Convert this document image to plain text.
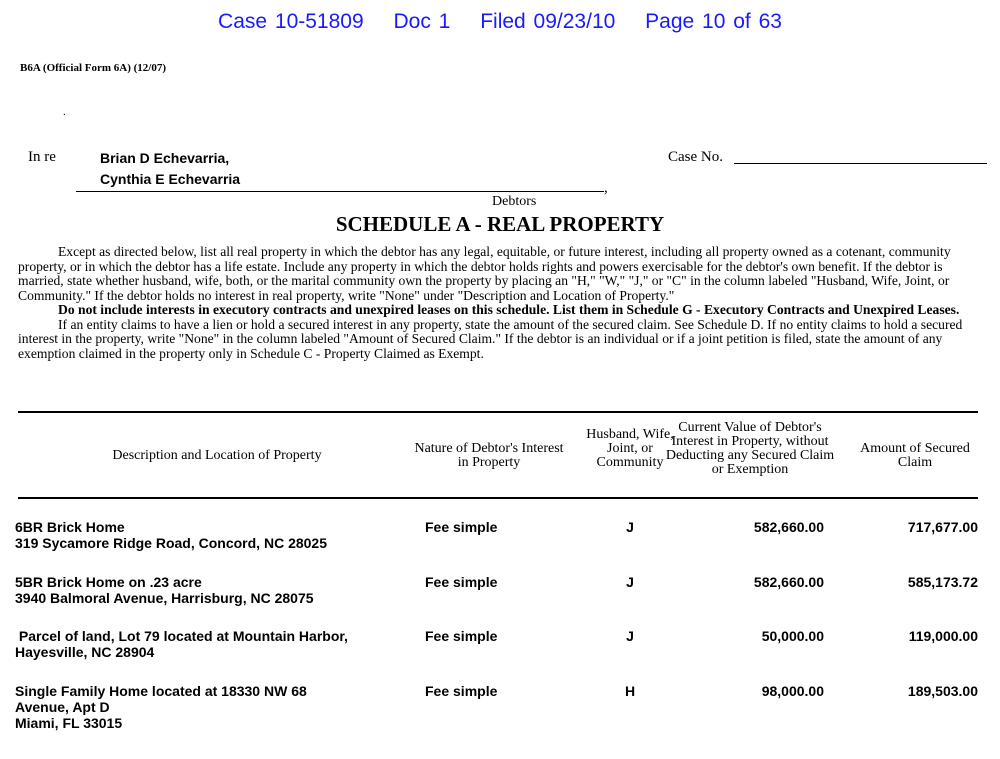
Case 10-51809 Doc 1 Filed 09/23/10 Page 10 of 63
B6A (Official Form 6A) (12/07)
.
In re	Brian D Echevarria,
Cynthia E Echevarria
,
Debtors
Case No.
SCHEDULE A - REAL PROPERTY

Except as directed below, list all real property in which the debtor has any legal, equitable, or future interest, including all property owned as a cotenant, community property, or in which the debtor has a life estate. Include any property in which the debtor holds rights and powers exercisable for the debtor's own benefit. If the debtor is married, state whether husband, wife, both, or the marital community own the property by placing an "H," "W," "J," or "C" in the column labeled "Husband, Wife, Joint, or Community." If the debtor holds no interest in real property, write "None" under "Description and Location of Property."

Do not include interests in executory contracts and unexpired leases on this schedule. List them in Schedule G - Executory Contracts and Unexpired Leases.

If an entity claims to have a lien or hold a secured interest in any property, state the amount of the secured claim. See Schedule D. If no entity claims to hold a secured interest in the property, write "None" in the column labeled "Amount of Secured Claim." If the debtor is an individual or if a joint petition is filed, state the amount of any exemption claimed in the property only in Schedule C - Property Claimed as Exempt.

Description and Location of Property	Nature of Debtor's Interest in Property
Husband, Wife, Joint, or Community
Current Value of Debtor's Interest in Property, without Deducting any Secured Claim or Exemption
Amount of Secured Claim
6BR Brick Home
319 Sycamore Ridge Road, Concord, NC 28025
Fee simple	J	582,660.00	717,677.00
5BR Brick Home on .23 acre
3940 Balmoral Avenue, Harrisburg, NC 28075
Fee simple	J	582,660.00	585,173.72
Parcel of land, Lot 79 located at Mountain Harbor,
Hayesville, NC 28904
Fee simple	J	50,000.00	119,000.00
Single Family Home located at 18330 NW 68
Avenue, Apt D
Miami, FL 33015
Fee simple	H	98,000.00	189,503.00
